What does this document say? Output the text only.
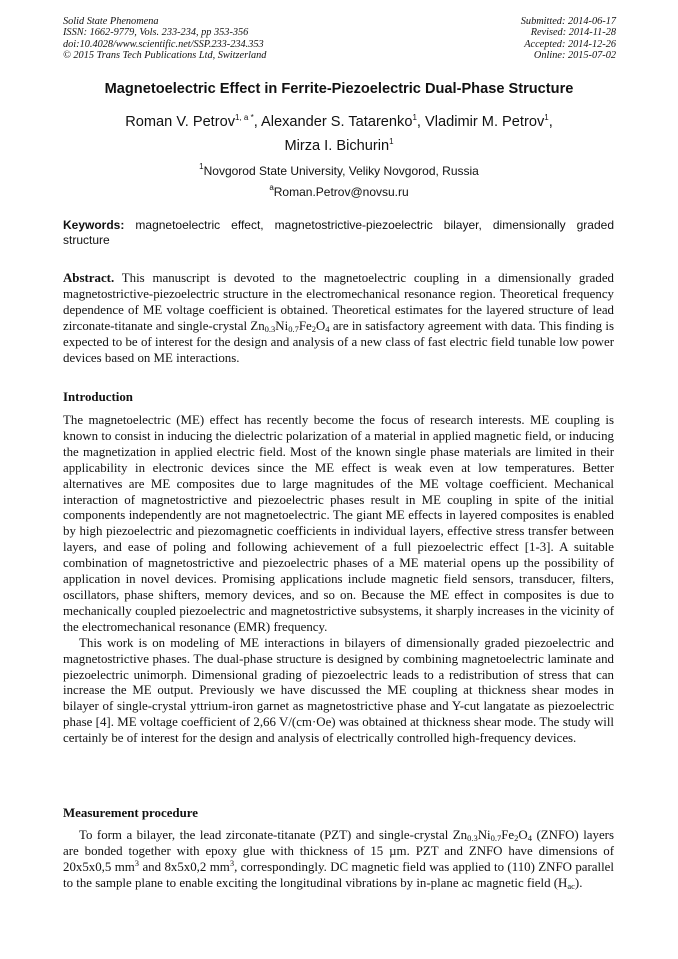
Solid State Phenomena
ISSN: 1662-9779, Vols. 233-234, pp 353-356
doi:10.4028/www.scientific.net/SSP.233-234.353
© 2015 Trans Tech Publications Ltd, Switzerland
Submitted: 2014-06-17
Revised: 2014-11-28
Accepted: 2014-12-26
Online: 2015-07-02
Magnetoelectric Effect in Ferrite-Piezoelectric Dual-Phase Structure
Roman V. Petrov$^{1, a *}$, Alexander S. Tatarenko$^1$, Vladimir M. Petrov$^1$,
Mirza I. Bichurin$^1$
$^1$Novgorod State University, Veliky Novgorod, Russia
$^a$Roman.Petrov@novsu.ru
Keywords: magnetoelectric effect, magnetostrictive-piezoelectric bilayer, dimensionally graded structure
Abstract. This manuscript is devoted to the magnetoelectric coupling in a dimensionally graded magnetostrictive-piezoelectric structure in the electromechanical resonance region. Theoretical frequency dependence of ME voltage coefficient is obtained. Theoretical estimates for the layered structure of lead zirconate-titanate and single-crystal $Zn_{0.3}Ni_{0.7}Fe_2O_4$ are in satisfactory agreement with data. This finding is expected to be of interest for the design and analysis of a new class of fast electric field tunable low power devices based on ME interactions.
Introduction
The magnetoelectric (ME) effect has recently become the focus of research interests. ME coupling is known to consist in inducing the dielectric polarization of a material in applied magnetic field, or inducing the magnetization in applied electric field. Most of the known single phase materials are limited in their applicability in electronic devices since the ME effect is weak even at low temperatures. Better alternatives are ME composites due to large magnitudes of the ME voltage coefficient. Mechanical interaction of magnetostrictive and piezoelectric phases result in ME coupling in spite of the initial components independently are not magnetoelectric. The giant ME effects in layered composites is enabled by high piezoelectric and piezomagnetic coefficients in individual layers, effective stress transfer between layers, and ease of poling and following achievement of a full piezoelectric effect [1-3]. A suitable combination of magnetostrictive and piezoelectric phases of a ME material opens up the possibility of application in novel devices. Promising applications include magnetic field sensors, transducer, filters, oscillators, phase shifters, memory devices, and so on. Because the ME effect in composites is due to mechanically coupled piezoelectric and magnetostrictive subsystems, it sharply increases in the vicinity of the electromechanical resonance (EMR) frequency.
This work is on modeling of ME interactions in bilayers of dimensionally graded piezoelectric and magnetostrictive phases. The dual-phase structure is designed by combining magnetoelectric laminate and piezoelectric unimorph. Dimensional grading of piezoelectric leads to a redistribution of stress that can increase the ME output. Previously we have discussed the ME coupling at thickness shear modes in bilayer of single-crystal yttrium-iron garnet as magnetostrictive phase and Y-cut langatate as piezoelectric phase [4]. ME voltage coefficient of 2,66 V/(cm·Oe) was obtained at thickness shear mode. The study will certainly be of interest for the design and analysis of electrically controlled high-frequency devices.
Measurement procedure
To form a bilayer, the lead zirconate-titanate (PZT) and single-crystal $Zn_{0.3}Ni_{0.7}Fe_2O_4$ (ZNFO) layers are bonded together with epoxy glue with thickness of 15 µm. PZT and ZNFO have dimensions of 20x5x0,5 $mm^3$ and 8x5x0,2 $mm^3$, correspondingly. DC magnetic field was applied to (110) ZNFO parallel to the sample plane to enable exciting the longitudinal vibrations by in-plane ac magnetic field $(H_{ac})$.
